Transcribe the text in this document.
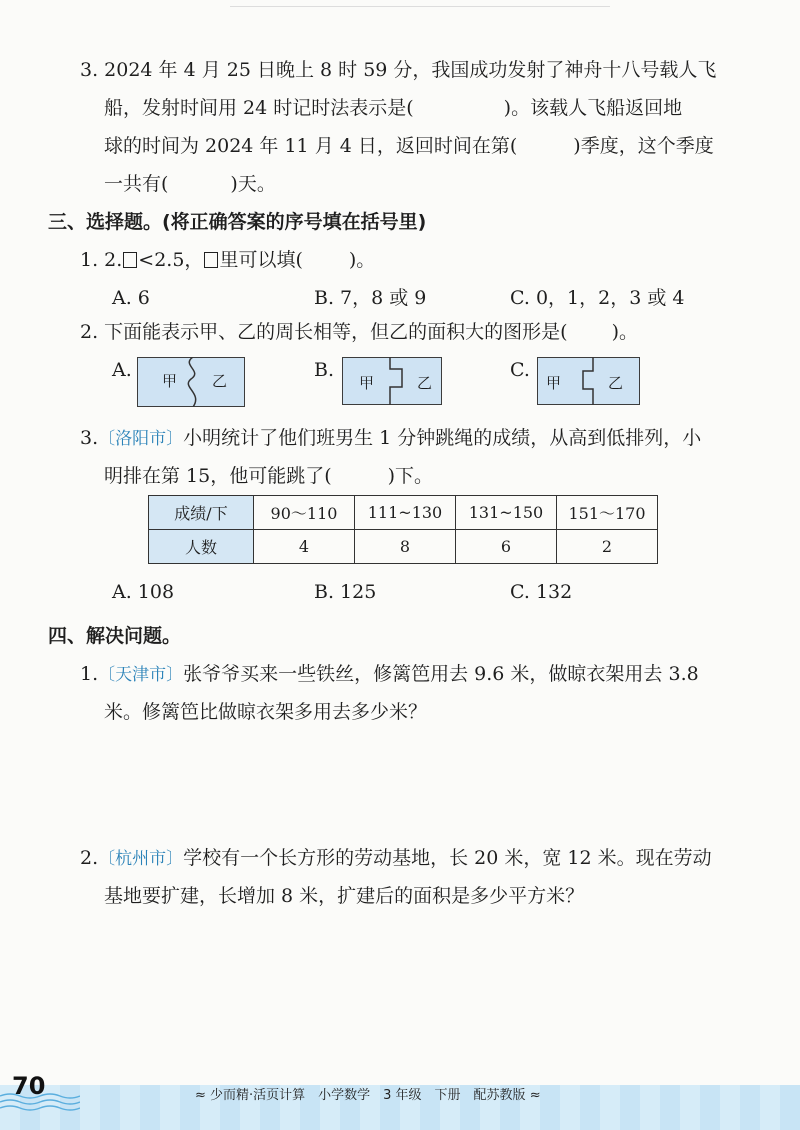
3. 2024 年 4 月 25 日晚上 8 时 59 分，我国成功发射了神舟十八号载人飞
船，发射时间用 24 时记时法表示是(	)。该载人飞船返回地
球的时间为 2024 年 11 月 4 日，返回时间在第(	)季度，这个季度
一共有(	)天。
三、选择题。(将正确答案的序号填在括号里)
1. 2. <2.5， 里可以填( )。
A. 6	B. 7，8 或 9	C. 0，1，2，3 或 4
2. 下面能表示甲、乙的周长相等，但乙的面积大的图形是( )。
A. 甲 乙	B.
甲	乙
C.
甲	乙
3.〔洛阳市〕小明统计了他们班男生 1 分钟跳绳的成绩，从高到低排列，小
明排在第 15，他可能跳了(	)下。
成绩/下	90～110	111~130	131~150	151～170
人数	4	8	6	2
A. 108	B. 125	C. 132
四、解决问题。
1.〔天津市〕张爷爷买来一些铁丝，修篱笆用去 9.6 米，做晾衣架用去 3.8
米。修篱笆比做晾衣架多用去多少米？
2.〔杭州市〕学校有一个长方形的劳动基地，长 20 米，宽 12 米。现在劳动
基地要扩建，长增加 8 米，扩建后的面积是多少平方米？
70	≈ 少而精·活页计算　小学数学　3 年级　下册　配苏教版 ≈
